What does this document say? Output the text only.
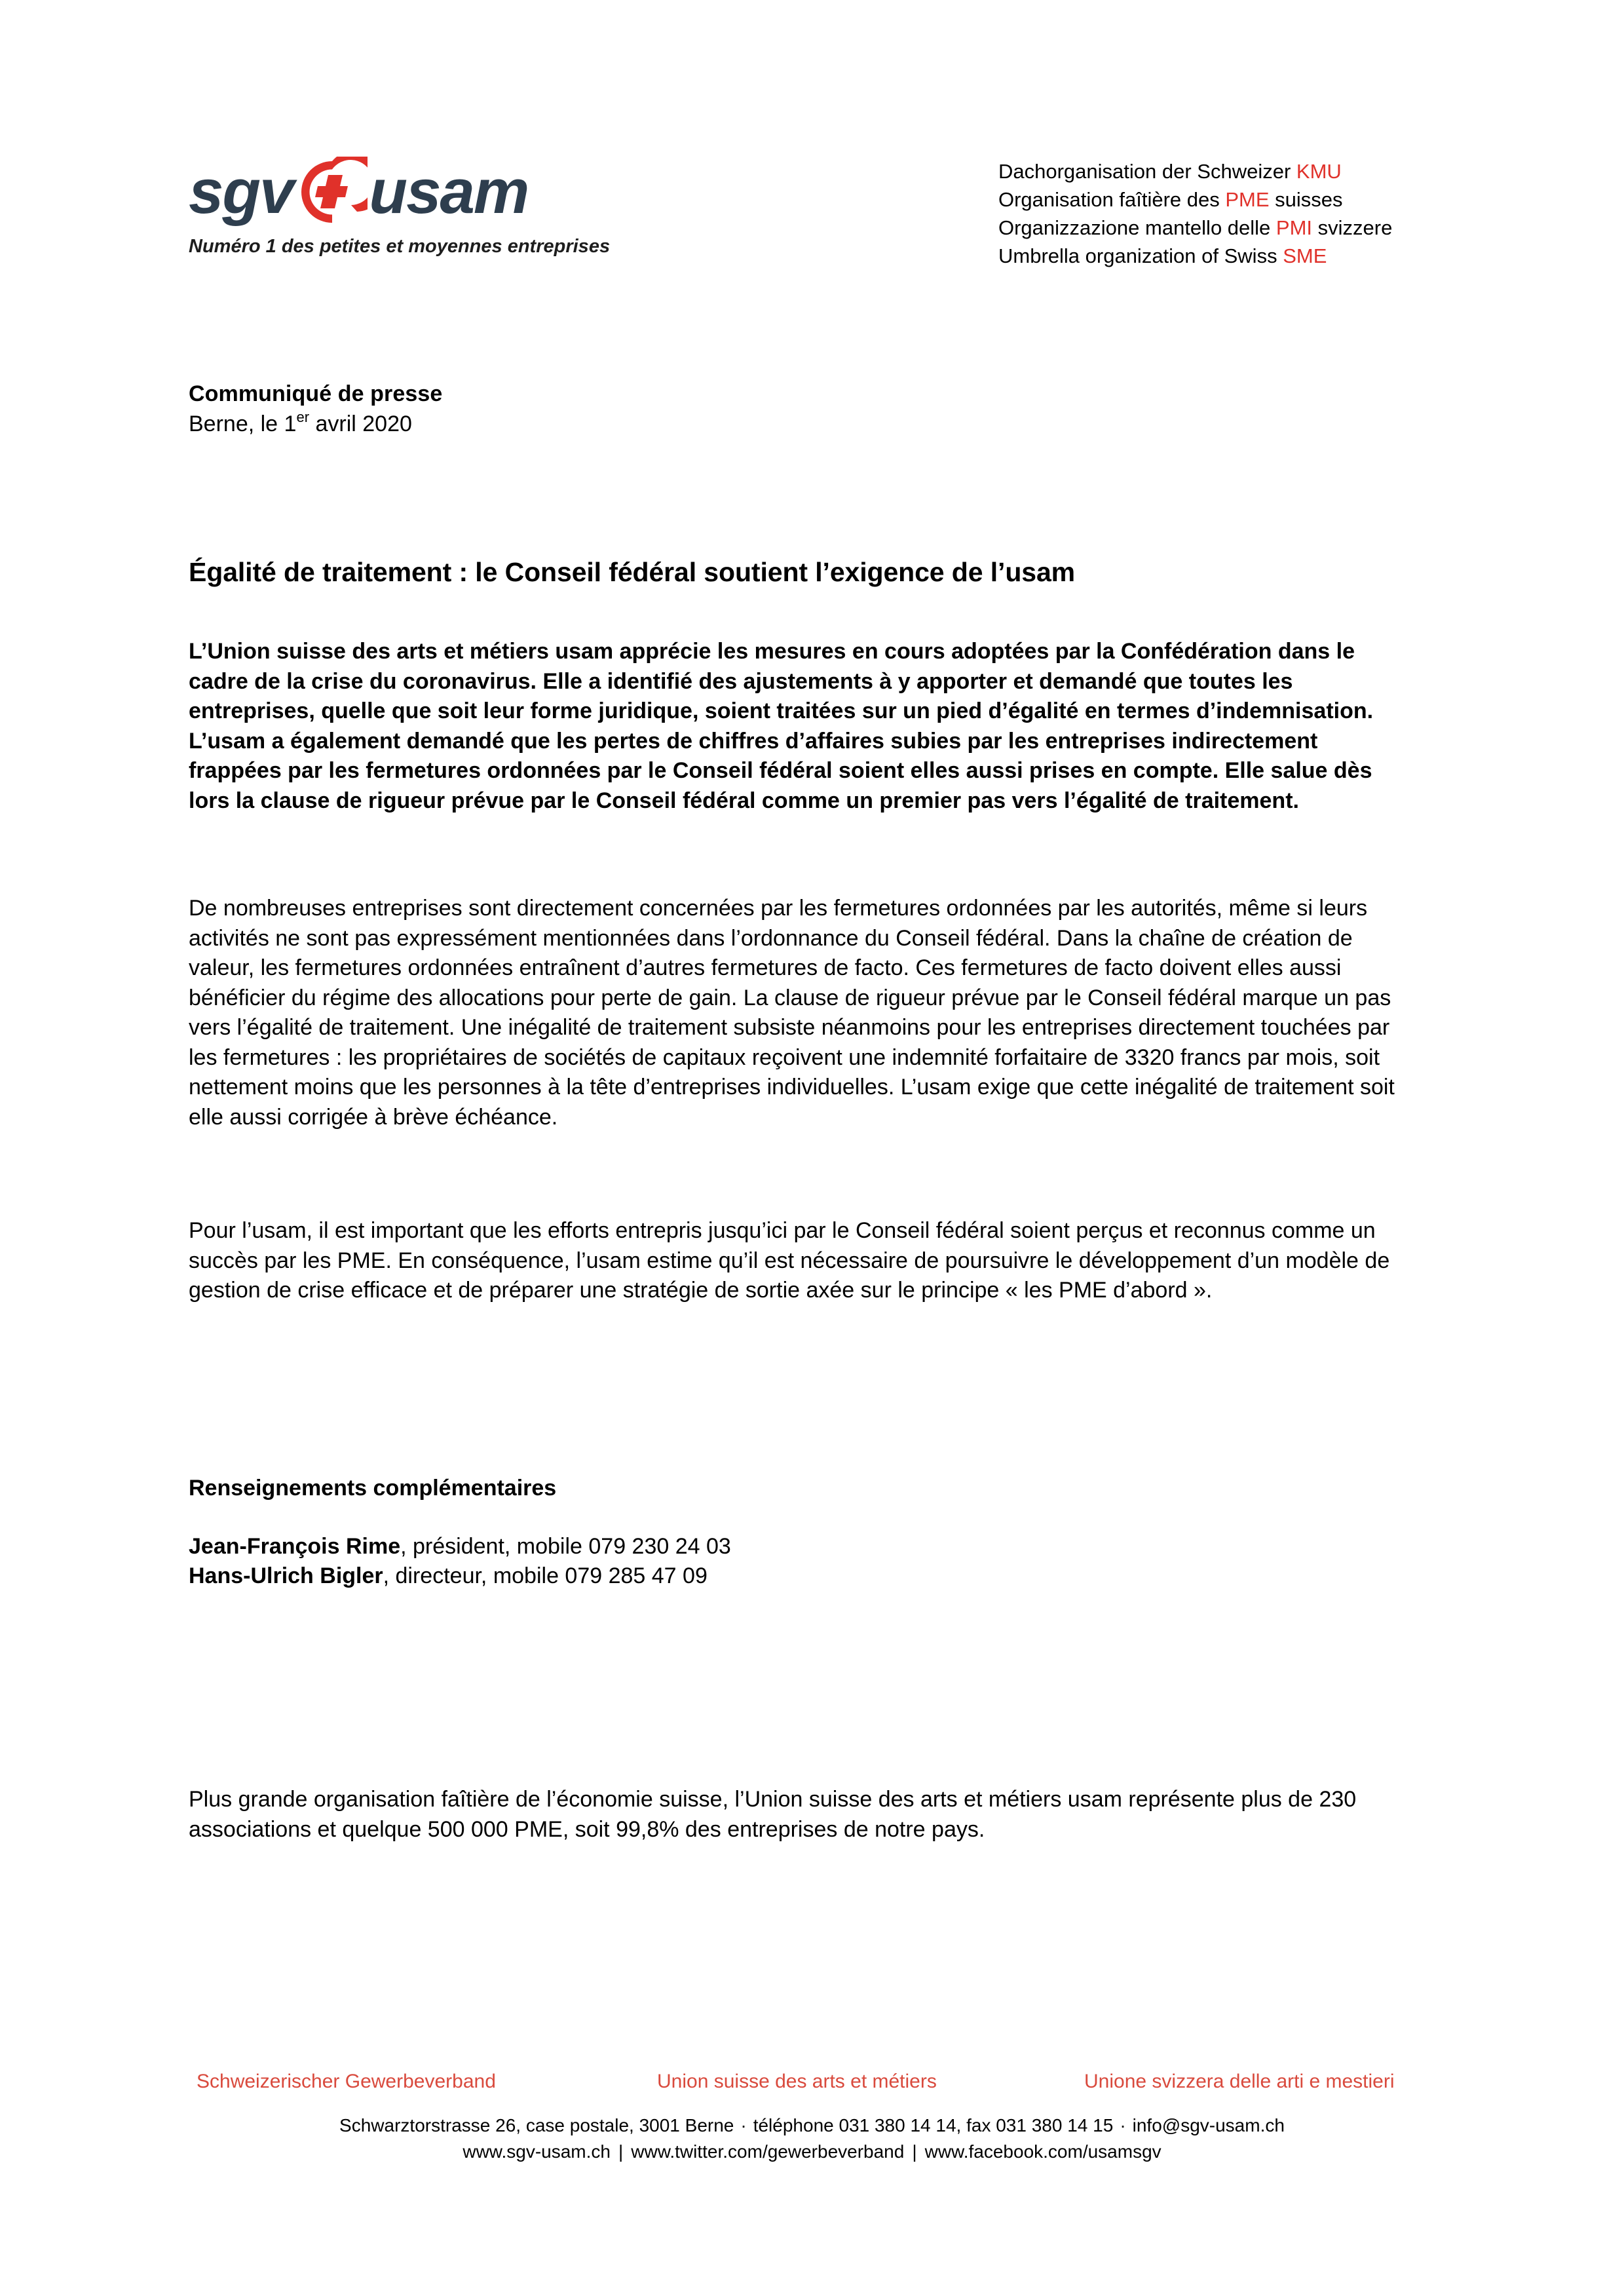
sgv usam
Numéro 1 des petites et moyennes entreprises
Dachorganisation der Schweizer KMU
Organisation faîtière des PME suisses
Organizzazione mantello delle PMI svizzere
Umbrella organization of Swiss SME
Communiqué de presse
Berne, le 1er avril 2020
Égalité de traitement : le Conseil fédéral soutient l’exigence de l’usam

L’Union suisse des arts et métiers usam apprécie les mesures en cours adoptées par la Confédération dans le cadre de la crise du coronavirus. Elle a identifié des ajustements à y apporter et demandé que toutes les entreprises, quelle que soit leur forme juridique, soient traitées sur un pied d’égalité en termes d’indemnisation. L’usam a également demandé que les pertes de chiffres d’affaires subies par les entreprises indirectement frappées par les fermetures ordonnées par le Conseil fédéral soient elles aussi prises en compte. Elle salue dès lors la clause de rigueur prévue par le Conseil fédéral comme un premier pas vers l’égalité de traitement.

De nombreuses entreprises sont directement concernées par les fermetures ordonnées par les autorités, même si leurs activités ne sont pas expressément mentionnées dans l’ordonnance du Conseil fédéral. Dans la chaîne de création de valeur, les fermetures ordonnées entraînent d’autres fermetures de facto. Ces fermetures de facto doivent elles aussi bénéficier du régime des allocations pour perte de gain. La clause de rigueur prévue par le Conseil fédéral marque un pas vers l’égalité de traitement. Une inégalité de traitement subsiste néanmoins pour les entreprises directement touchées par les fermetures : les propriétaires de sociétés de capitaux reçoivent une indemnité forfaitaire de 3320 francs par mois, soit nettement moins que les personnes à la tête d’entreprises individuelles. L’usam exige que cette inégalité de traitement soit elle aussi corrigée à brève échéance.

Pour l’usam, il est important que les efforts entrepris jusqu’ici par le Conseil fédéral soient perçus et reconnus comme un succès par les PME. En conséquence, l’usam estime qu’il est nécessaire de poursuivre le développement d’un modèle de gestion de crise efficace et de préparer une stratégie de sortie axée sur le principe « les PME d’abord ».

Renseignements complémentaires
Jean-François Rime, président, mobile 079 230 24 03
Hans-Ulrich Bigler, directeur, mobile 079 285 47 09

Plus grande organisation faîtière de l’économie suisse, l’Union suisse des arts et métiers usam représente plus de 230 associations et quelque 500 000 PME, soit 99,8% des entreprises de notre pays.

Schweizerischer Gewerbeverband	Union suisse des arts et métiers	Unione svizzera delle arti e mestieri
Schwarztorstrasse 26, case postale, 3001 Berne · téléphone 031 380 14 14, fax 031 380 14 15 · info@sgv-usam.ch
www.sgv-usam.ch | www.twitter.com/gewerbeverband | www.facebook.com/usamsgv
